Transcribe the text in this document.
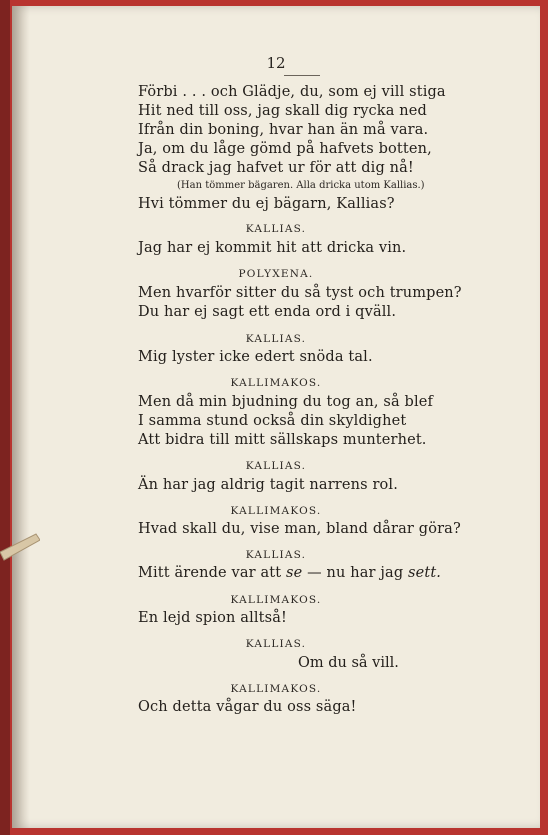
12
Förbi . . . och Glädje, du, som ej vill stiga
Hit ned till oss, jag skall dig rycka ned
Ifrån din boning, hvar han än må vara.
Ja, om du låge gömd på hafvets botten,
Så drack jag hafvet ur för att dig nå!
(Han tömmer bägaren. Alla dricka utom Kallias.)
Hvi tömmer du ej bägarn, Kallias?
KALLIAS.
Jag har ej kommit hit att dricka vin.
POLYXENA.
Men hvarför sitter du så tyst och trumpen?
Du har ej sagt ett enda ord i qväll.
KALLIAS.
Mig lyster icke edert snöda tal.
KALLIMAKOS.
Men då min bjudning du tog an, så blef
I samma stund också din skyldighet
Att bidra till mitt sällskaps munterhet.
KALLIAS.
Än har jag aldrig tagit narrens rol.
KALLIMAKOS.
Hvad skall du, vise man, bland dårar göra?
KALLIAS.
Mitt ärende var att se — nu har jag sett.
KALLIMAKOS.
En lejd spion alltså!
KALLIAS.
Om du så vill.
KALLIMAKOS.
Och detta vågar du oss säga!
